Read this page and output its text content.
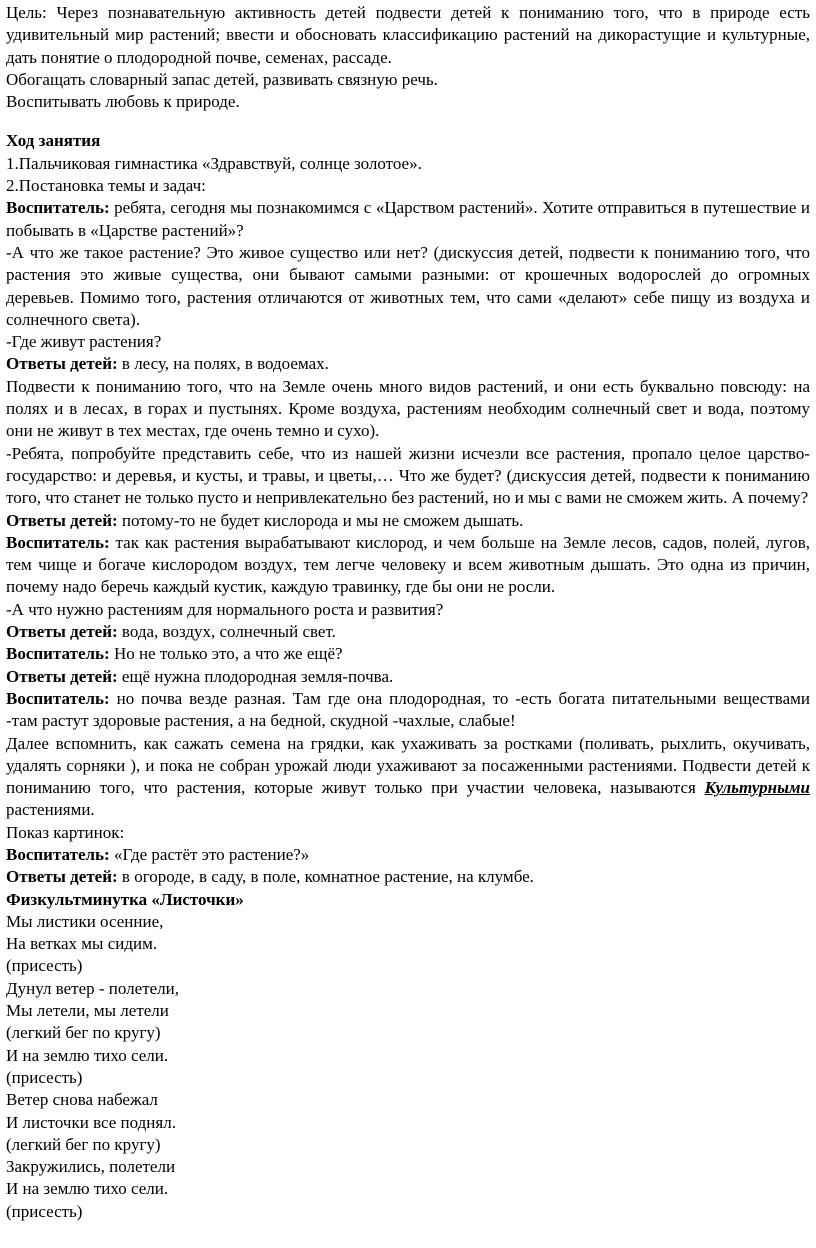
Цель: Через познавательную активность детей подвести детей к пониманию того, что в природе есть удивительный мир растений; ввести и обосновать классификацию растений на дикорастущие и культурные, дать понятие о плодородной почве, семенах, рассаде.

Обогащать словарный запас детей, развивать связную речь.

Воспитывать любовь к природе.

Ход занятия

1.Пальчиковая гимнастика «Здравствуй, солнце золотое».

2.Постановка темы и задач:

Воспитатель: ребята, сегодня мы познакомимся с «Царством растений». Хотите отправиться в путешествие и побывать в «Царстве растений»?

-А что же такое растение? Это живое существо или нет? (дискуссия детей, подвести к пониманию того, что растения это живые существа, они бывают самыми разными: от крошечных водорослей до огромных деревьев. Помимо того, растения отличаются от животных тем, что сами «делают» себе пищу из воздуха и солнечного света).

-Где живут растения?

Ответы детей: в лесу, на полях, в водоемах.

Подвести к пониманию того, что на Земле очень много видов растений, и они есть буквально повсюду: на полях и в лесах, в горах и пустынях. Кроме воздуха, растениям необходим солнечный свет и вода, поэтому они не живут в тех местах, где очень темно и сухо).

-Ребята, попробуйте представить себе, что из нашей жизни исчезли все растения, пропало целое царство-государство: и деревья, и кусты, и травы, и цветы,… Что же будет? (дискуссия детей, подвести к пониманию того, что станет не только пусто и непривлекательно без растений, но и мы с вами не сможем жить. А почему?

Ответы детей: потому-то не будет кислорода и мы не сможем дышать.

Воспитатель: так как растения вырабатывают кислород, и чем больше на Земле лесов, садов, полей, лугов, тем чище и богаче кислородом воздух, тем легче человеку и всем животным дышать. Это одна из причин, почему надо беречь каждый кустик, каждую травинку, где бы они не росли.

-А что нужно растениям для нормального роста и развития?

Ответы детей: вода, воздух, солнечный свет.

Воспитатель: Но не только это, а что же ещё?

Ответы детей: ещё нужна плодородная земля-почва.

Воспитатель: но почва везде разная. Там где она плодородная, то -есть богата питательными веществами -там растут здоровые растения, а на бедной, скудной -чахлые, слабые!

Далее вспомнить, как сажать семена на грядки, как ухаживать за ростками (поливать, рыхлить, окучивать, удалять сорняки ), и пока не собран урожай люди ухаживают за посаженными растениями. Подвести детей к пониманию того, что растения, которые живут только при участии человека, называются Культурными растениями.

Показ картинок:

Воспитатель: «Где растёт это растение?»

Ответы детей: в огороде, в саду, в поле, комнатное растение, на клумбе.

Физкультминутка «Листочки»

Мы листики осенние,

На ветках мы сидим.

(присесть)

Дунул ветер - полетели,

Мы летели, мы летели

(легкий бег по кругу)

И на землю тихо сели.

(присесть)

Ветер снова набежал

И листочки все поднял.

(легкий бег по кругу)

Закружились, полетели

И на землю тихо сели.

(присесть)
